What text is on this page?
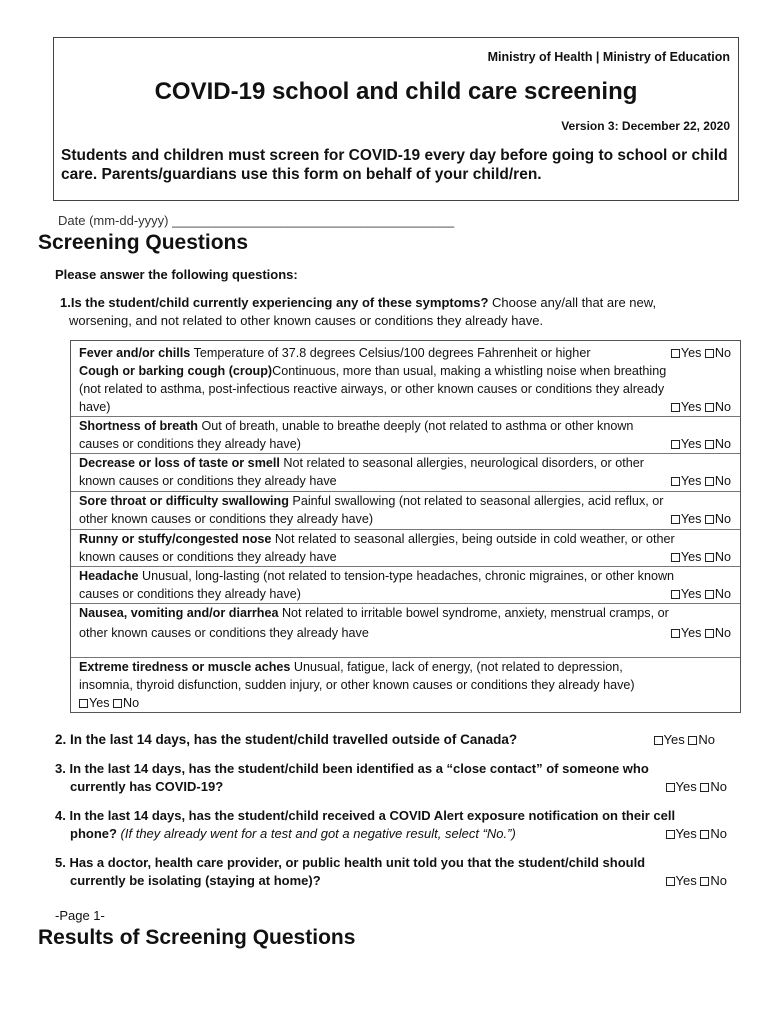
Ministry of Health | Ministry of Education
COVID-19 school and child care screening
Version 3: December 22, 2020
Students and children must screen for COVID-19 every day before going to school or child care. Parents/guardians use this form on behalf of your child/ren.
Date (mm-dd-yyyy) _______________________________________
Screening Questions
Please answer the following questions:
1.Is the student/child currently experiencing any of these symptoms? Choose any/all that are new,
worsening, and not related to other known causes or conditions they already have.
Fever and/or chills Temperature of 37.8 degrees Celsius/100 degrees Fahrenheit or higher	Yes No
Cough or barking cough (croup)Continuous, more than usual, making a whistling noise when breathing
(not related to asthma, post-infectious reactive airways, or other known causes or conditions they already
have)	Yes No
Shortness of breath Out of breath, unable to breathe deeply (not related to asthma or other known
causes or conditions they already have)	Yes No
Decrease or loss of taste or smell Not related to seasonal allergies, neurological disorders, or other
known causes or conditions they already have	Yes No
Sore throat or difficulty swallowing Painful swallowing (not related to seasonal allergies, acid reflux, or
other known causes or conditions they already have)	Yes No
Runny or stuffy/congested nose Not related to seasonal allergies, being outside in cold weather, or other
known causes or conditions they already have	Yes No
Headache Unusual, long-lasting (not related to tension-type headaches, chronic migraines, or other known
causes or conditions they already have)	Yes No
Nausea, vomiting and/or diarrhea Not related to irritable bowel syndrome, anxiety, menstrual cramps, or
other known causes or conditions they already have	Yes No
Extreme tiredness or muscle aches Unusual, fatigue, lack of energy, (not related to depression,
insomnia, thyroid disfunction, sudden injury, or other known causes or conditions they already have)
Yes No
2. In the last 14 days, has the student/child travelled outside of Canada?	Yes No
3. In the last 14 days, has the student/child been identified as a “close contact” of someone who
currently has COVID-19?	Yes No
4. In the last 14 days, has the student/child received a COVID Alert exposure notification on their cell
phone? (If they already went for a test and got a negative result, select “No.”)	Yes No
5. Has a doctor, health care provider, or public health unit told you that the student/child should
currently be isolating (staying at home)?	Yes No
-Page 1-
Results of Screening Questions
